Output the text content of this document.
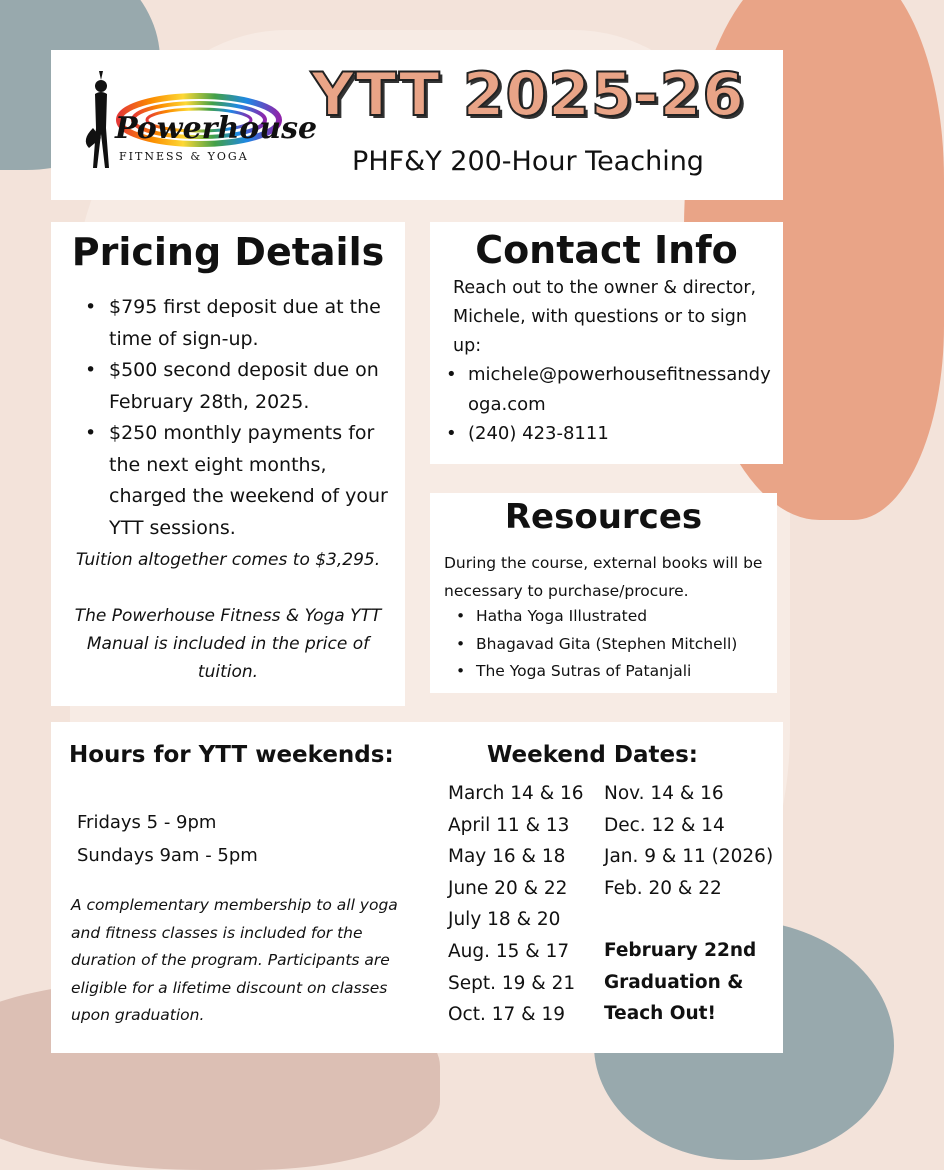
Powerhouse
FITNESS & YOGA
YTT 2025-26
PHF&Y 200-Hour Teaching
Pricing Details
• $795 first deposit due at the time of sign-up.
• $500 second deposit due on February 28th, 2025.
• $250 monthly payments for the next eight months, charged the weekend of your YTT sessions.
Tuition altogether comes to $3,295.
The Powerhouse Fitness & Yoga YTT Manual is included in the price of tuition.
Contact Info
Reach out to the owner & director, Michele, with questions or to sign up:
• michele@powerhousefitnessandyoga.com
• (240) 423-8111
Resources
During the course, external books will be necessary to purchase/procure.
• Hatha Yoga Illustrated
• Bhagavad Gita (Stephen Mitchell)
• The Yoga Sutras of Patanjali
Hours for YTT weekends:
Fridays 5 - 9pm
Sundays 9am - 5pm
A complementary membership to all yoga and fitness classes is included for the duration of the program. Participants are eligible for a lifetime discount on classes upon graduation.
Weekend Dates:
March 14 & 16
April 11 & 13
May 16 & 18
June 20 & 22
July 18 & 20
Aug. 15 & 17
Sept. 19 & 21
Oct. 17 & 19
Nov. 14 & 16
Dec. 12 & 14
Jan. 9 & 11 (2026)
Feb. 20 & 22
February 22nd
Graduation &
Teach Out!
